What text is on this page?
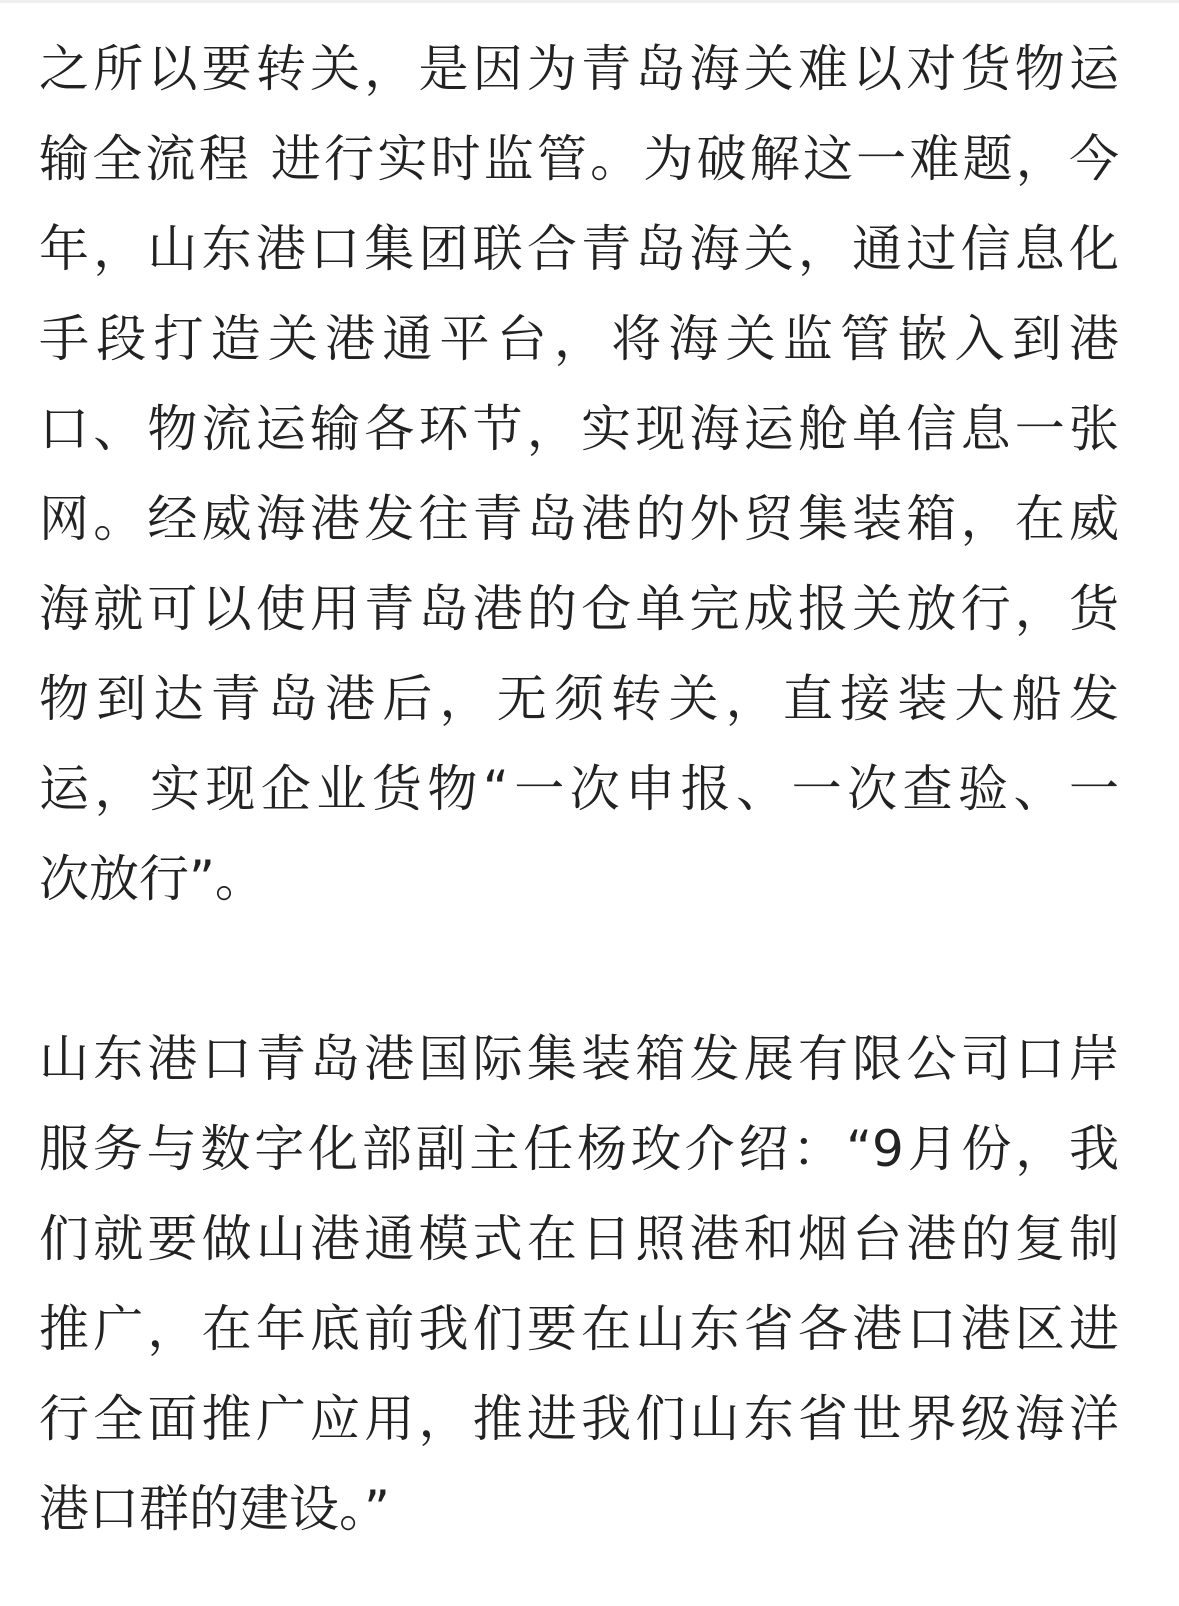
之所以要转关，是因为青岛海关难以对货物运
输全流程 进行实时监管。为破解这一难题，今
年，山东港口集团联合青岛海关，通过信息化
手段打造关港通平台，将海关监管嵌入到港
口、物流运输各环节，实现海运舱单信息一张
网。经威海港发往青岛港的外贸集装箱，在威
海就可以使用青岛港的仓单完成报关放行，货
物到达青岛港后，无须转关，直接装大船发
运，实现企业货物“一次申报、一次查验、一
次放行”。

山东港口青岛港国际集装箱发展有限公司口岸
服务与数字化部副主任杨玫介绍：“9月份，我
们就要做山港通模式在日照港和烟台港的复制
推广，在年底前我们要在山东省各港口港区进
行全面推广应用，推进我们山东省世界级海洋
港口群的建设。”
